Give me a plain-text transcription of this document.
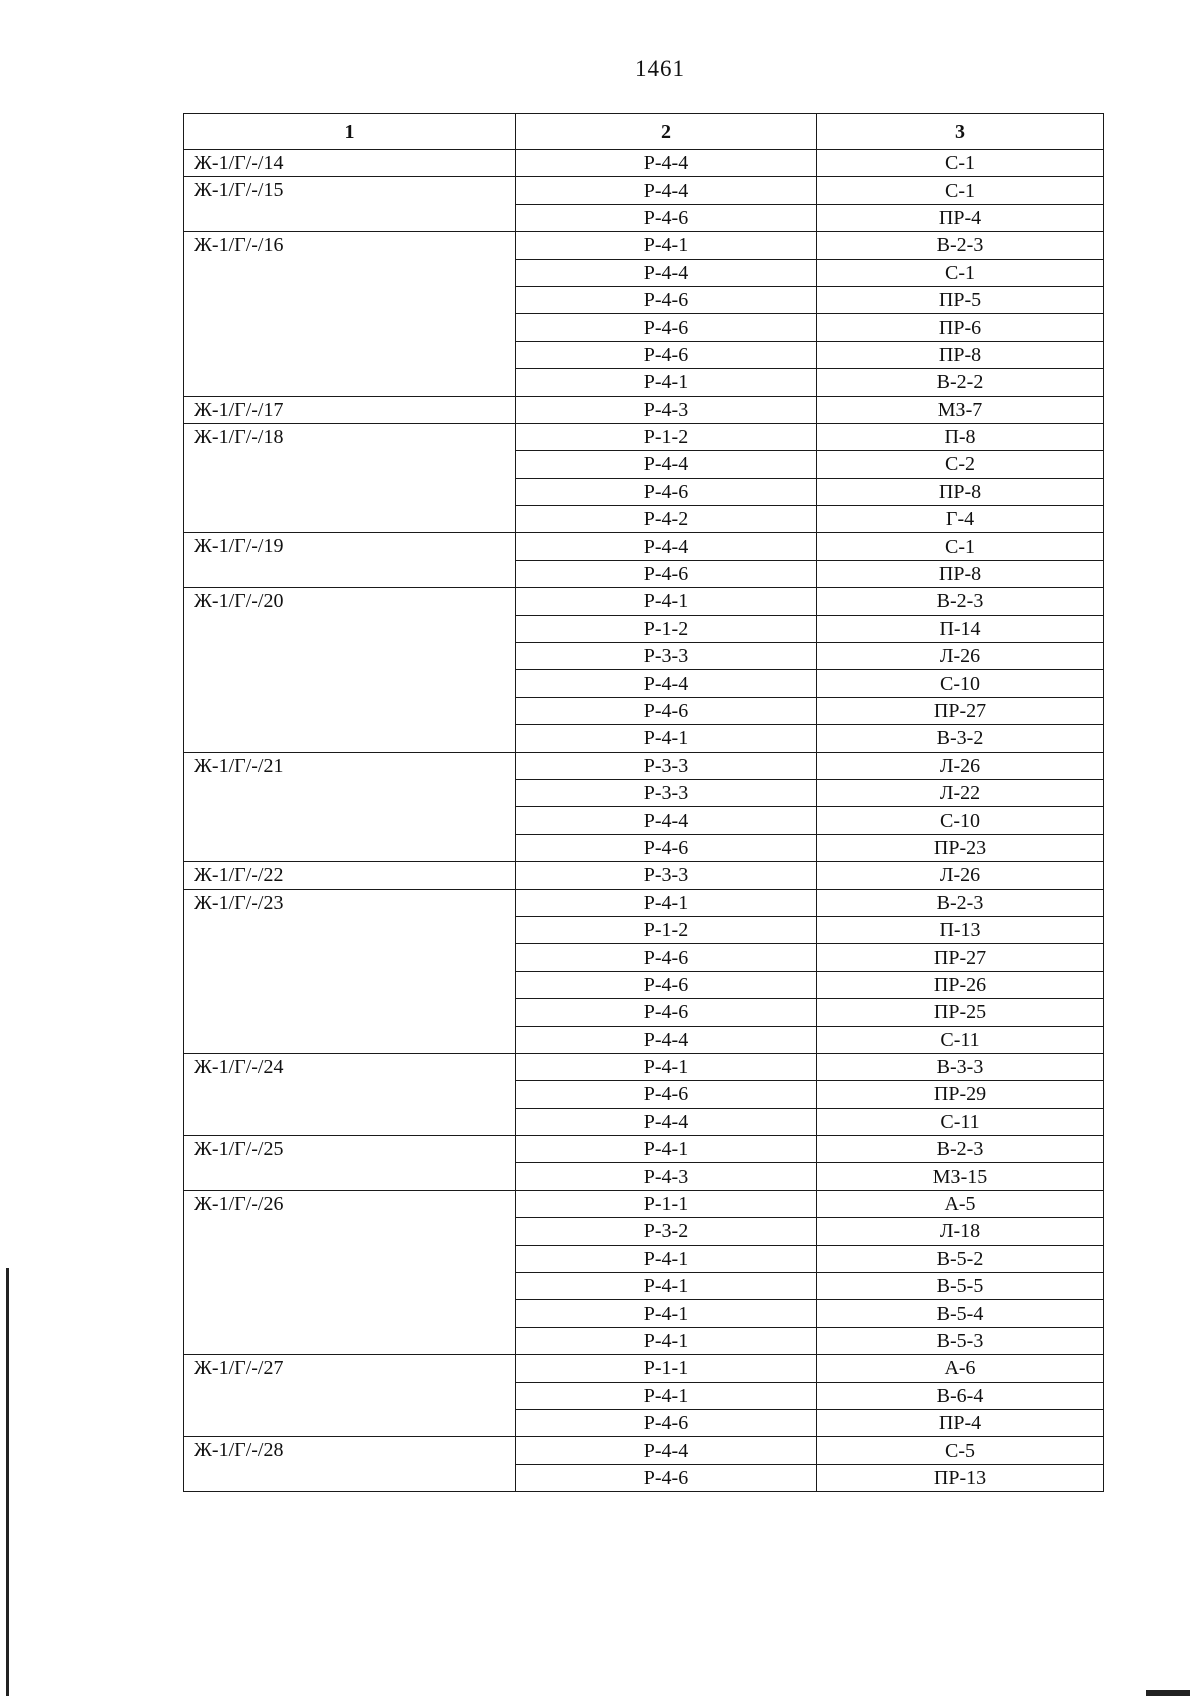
1461
1	2	3
Ж-1/Г/-/14	Р-4-4	С-1
Ж-1/Г/-/15	Р-4-4	С-1
	Р-4-6	ПР-4
Ж-1/Г/-/16	Р-4-1	В-2-3
	Р-4-4	С-1
	Р-4-6	ПР-5
	Р-4-6	ПР-6
	Р-4-6	ПР-8
	Р-4-1	В-2-2
Ж-1/Г/-/17	Р-4-3	МЗ-7
Ж-1/Г/-/18	Р-1-2	П-8
	Р-4-4	С-2
	Р-4-6	ПР-8
	Р-4-2	Г-4
Ж-1/Г/-/19	Р-4-4	С-1
	Р-4-6	ПР-8
Ж-1/Г/-/20	Р-4-1	В-2-3
	Р-1-2	П-14
	Р-3-3	Л-26
	Р-4-4	С-10
	Р-4-6	ПР-27
	Р-4-1	В-3-2
Ж-1/Г/-/21	Р-3-3	Л-26
	Р-3-3	Л-22
	Р-4-4	С-10
	Р-4-6	ПР-23
Ж-1/Г/-/22	Р-3-3	Л-26
Ж-1/Г/-/23	Р-4-1	В-2-3
	Р-1-2	П-13
	Р-4-6	ПР-27
	Р-4-6	ПР-26
	Р-4-6	ПР-25
	Р-4-4	С-11
Ж-1/Г/-/24	Р-4-1	В-3-3
	Р-4-6	ПР-29
	Р-4-4	С-11
Ж-1/Г/-/25	Р-4-1	В-2-3
	Р-4-3	МЗ-15
Ж-1/Г/-/26	Р-1-1	А-5
	Р-3-2	Л-18
	Р-4-1	В-5-2
	Р-4-1	В-5-5
	Р-4-1	В-5-4
	Р-4-1	В-5-3
Ж-1/Г/-/27	Р-1-1	А-6
	Р-4-1	В-6-4
	Р-4-6	ПР-4
Ж-1/Г/-/28	Р-4-4	С-5
	Р-4-6	ПР-13
